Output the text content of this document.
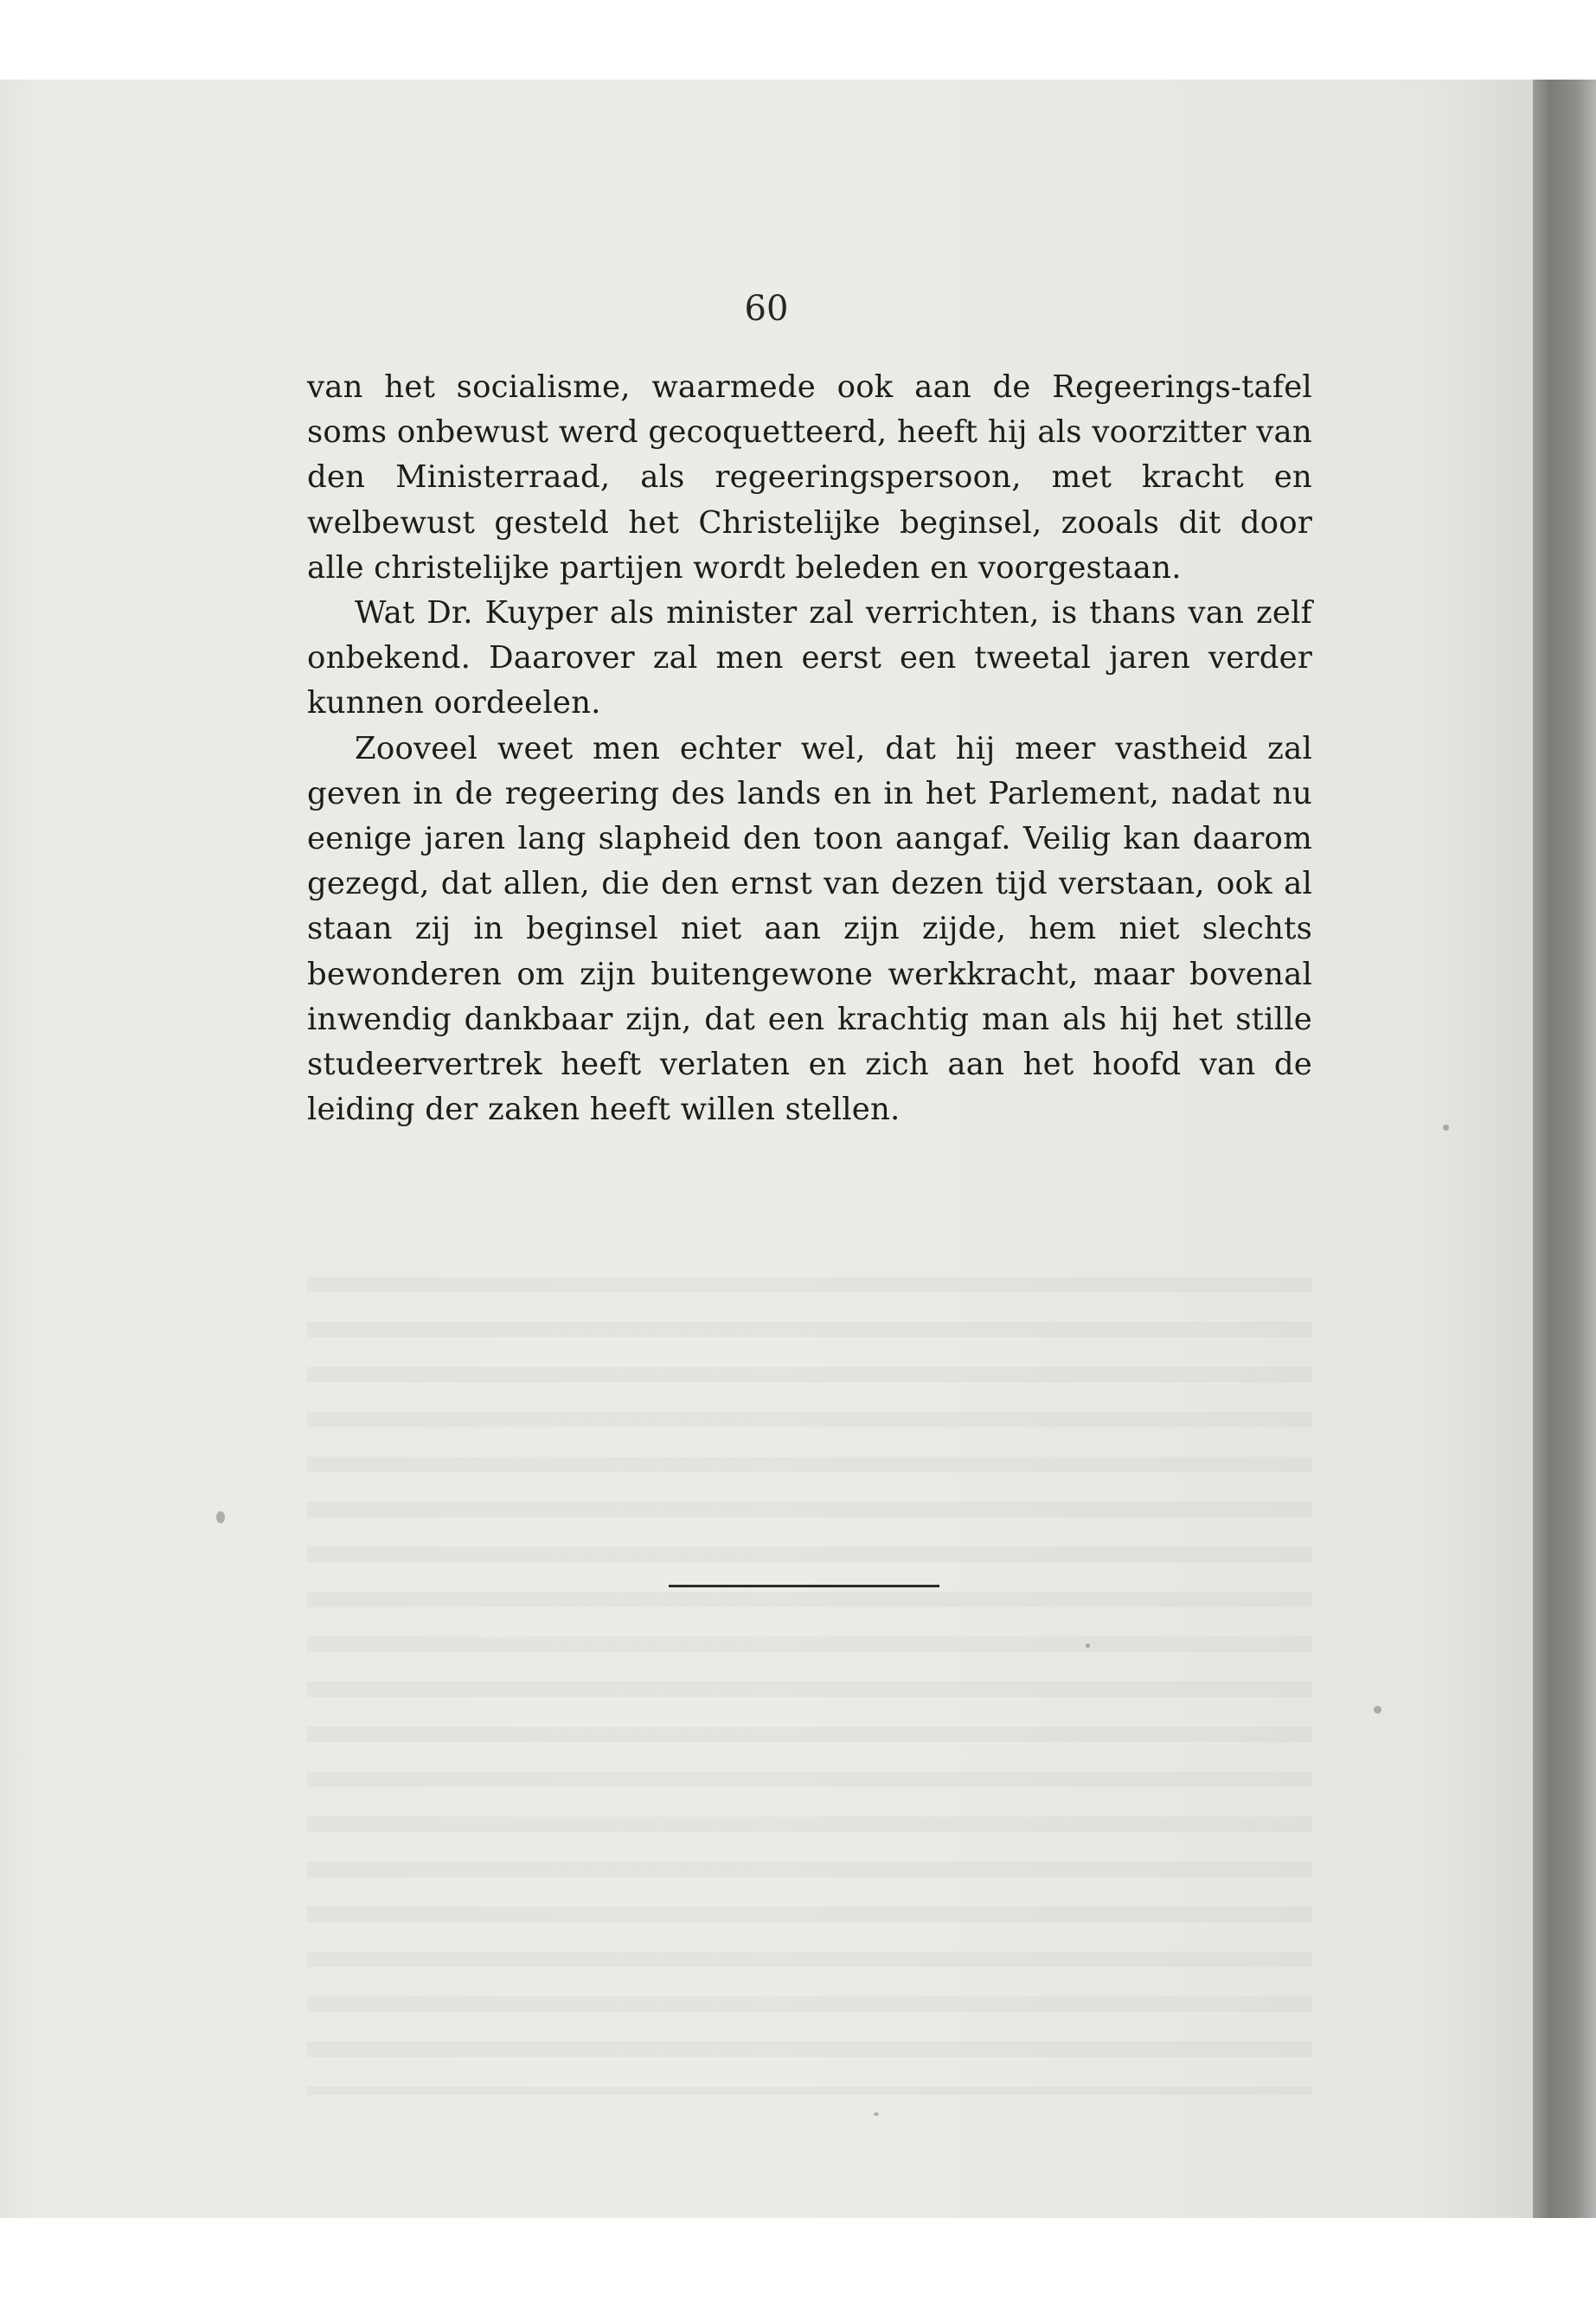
60

van het socialisme, waarmede ook aan de Regeerings-tafel soms onbewust werd gecoquetteerd, heeft hij als voorzitter van den Ministerraad, als regeeringspersoon, met kracht en welbewust gesteld het Christelijke beginsel, zooals dit door alle christelijke partijen wordt beleden en voorgestaan.

Wat Dr. Kuyper als minister zal verrichten, is thans van zelf onbekend. Daarover zal men eerst een tweetal jaren verder kunnen oordeelen.

Zooveel weet men echter wel, dat hij meer vastheid zal geven in de regeering des lands en in het Parlement, nadat nu eenige jaren lang slapheid den toon aangaf. Veilig kan daarom gezegd, dat allen, die den ernst van dezen tijd verstaan, ook al staan zij in beginsel niet aan zijn zijde, hem niet slechts bewonderen om zijn buitengewone werkkracht, maar bovenal inwendig dankbaar zijn, dat een krachtig man als hij het stille studeervertrek heeft verlaten en zich aan het hoofd van de leiding der zaken heeft willen stellen.
